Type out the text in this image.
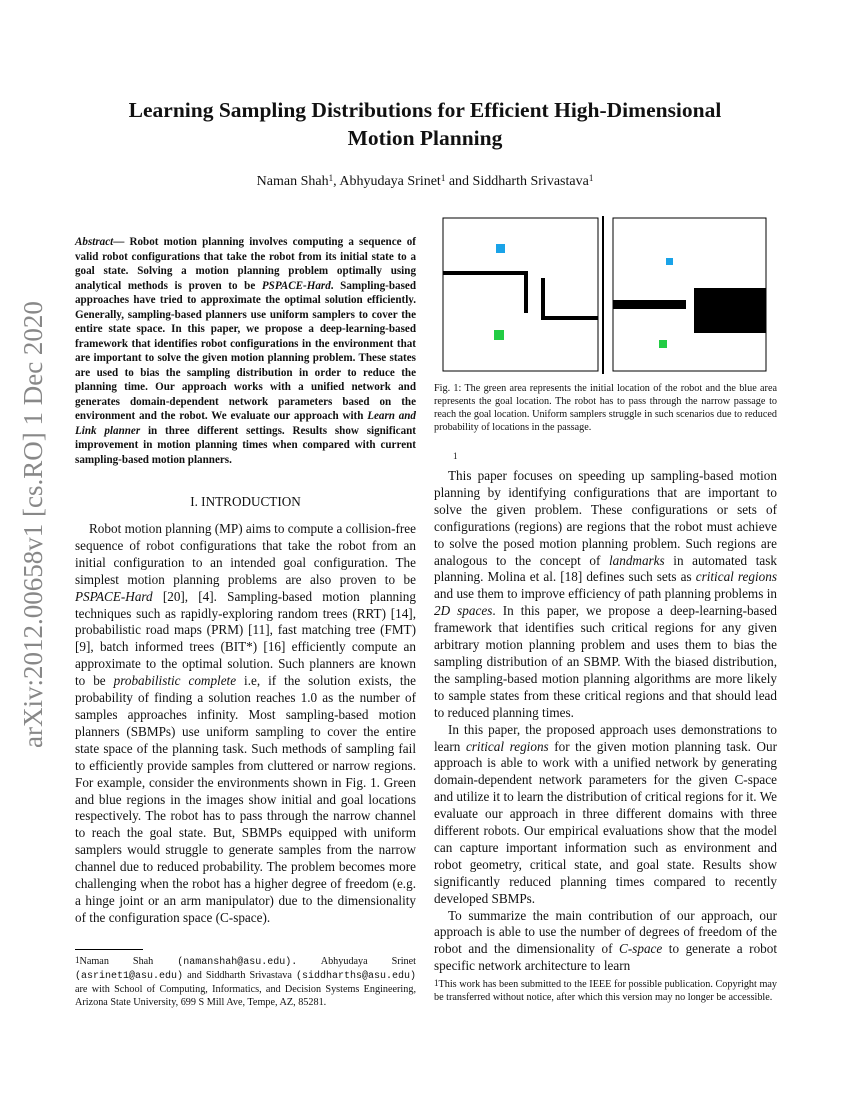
arXiv:2012.00658v1 [cs.RO] 1 Dec 2020
Learning Sampling Distributions for Efficient High-Dimensional
Motion Planning
Naman Shah$^1$, Abhyudaya Srinet$^1$ and Siddharth Srivastava$^1$
Abstract— Robot motion planning involves computing a sequence of valid robot configurations that take the robot from its initial state to a goal state. Solving a motion planning problem optimally using analytical methods is proven to be PSPACE-Hard. Sampling-based approaches have tried to approximate the optimal solution efficiently. Generally, sampling-based planners use uniform samplers to cover the entire state space. In this paper, we propose a deep-learning-based framework that identifies robot configurations in the environment that are important to solve the given motion planning problem. These states are used to bias the sampling distribution in order to reduce the planning time. Our approach works with a unified network and generates domain-dependent network parameters based on the environment and the robot. We evaluate our approach with Learn and Link planner in three different settings. Results show significant improvement in motion planning times when compared with current sampling-based motion planners.
I. INTRODUCTION

Robot motion planning (MP) aims to compute a collision-free sequence of robot configurations that take the robot from an initial configuration to an intended goal configuration. The simplest motion planning problems are also proven to be PSPACE-Hard [20], [4]. Sampling-based motion planning techniques such as rapidly-exploring random trees (RRT) [14], probabilistic road maps (PRM) [11], fast matching tree (FMT) [9], batch informed trees (BIT*) [16] efficiently compute an approximate to the optimal solution. Such planners are known to be probabilistic complete i.e, if the solution exists, the probability of finding a solution reaches 1.0 as the number of samples approaches infinity. Most sampling-based motion planners (SBMPs) use uniform sampling to cover the entire state space of the planning task. Such methods of sampling fail to efficiently provide samples from cluttered or narrow regions. For example, consider the environments shown in Fig. 1. Green and blue regions in the images show initial and goal locations respectively. The robot has to pass through the narrow channel to reach the goal state. But, SBMPs equipped with uniform samplers would struggle to generate samples from the narrow channel due to reduced probability. The problem becomes more challenging when the robot has a higher degree of freedom (e.g. a hinge joint or an arm manipulator) due to the dimensionality of the configuration space (C-space).

$^1$Naman Shah (namanshah@asu.edu). Abhyudaya Srinet (asrinet1@asu.edu) and Siddharth Srivastava (siddharths@asu.edu) are with School of Computing, Informatics, and Decision Systems Engineering, Arizona State University, 699 S Mill Ave, Tempe, AZ, 85281.
Fig. 1: The green area represents the initial location of the robot and the blue area represents the goal location. The robot has to pass through the narrow passage to reach the goal location. Uniform samplers struggle in such scenarios due to reduced probability of locations in the passage.
1

This paper focuses on speeding up sampling-based motion planning by identifying configurations that are important to solve the given problem. These configurations or sets of configurations (regions) are regions that the robot must achieve to solve the posed motion planning problem. Such regions are analogous to the concept of landmarks in automated task planning. Molina et al. [18] defines such sets as critical regions and use them to improve efficiency of path planning problems in 2D spaces. In this paper, we propose a deep-learning-based framework that identifies such critical regions for any given arbitrary motion planning problem and uses them to bias the sampling distribution of an SBMP. With the biased distribution, the sampling-based motion planning algorithms are more likely to sample states from these critical regions and that should lead to reduced planning times.

In this paper, the proposed approach uses demonstrations to learn critical regions for the given motion planning task. Our approach is able to work with a unified network by generating domain-dependent network parameters for the given C-space and utilize it to learn the distribution of critical regions for it. We evaluate our approach in three different domains with three different robots. Our empirical evaluations show that the model can capture important information such as environment and robot geometry, critical state, and goal state. Results show significantly reduced planning times compared to recently developed SBMPs.

To summarize the main contribution of our approach, our approach is able to use the number of degrees of freedom of the robot and the dimensionality of C-space to generate a robot specific network architecture to learn

$^1$This work has been submitted to the IEEE for possible publication. Copyright may be transferred without notice, after which this version may no longer be accessible.
